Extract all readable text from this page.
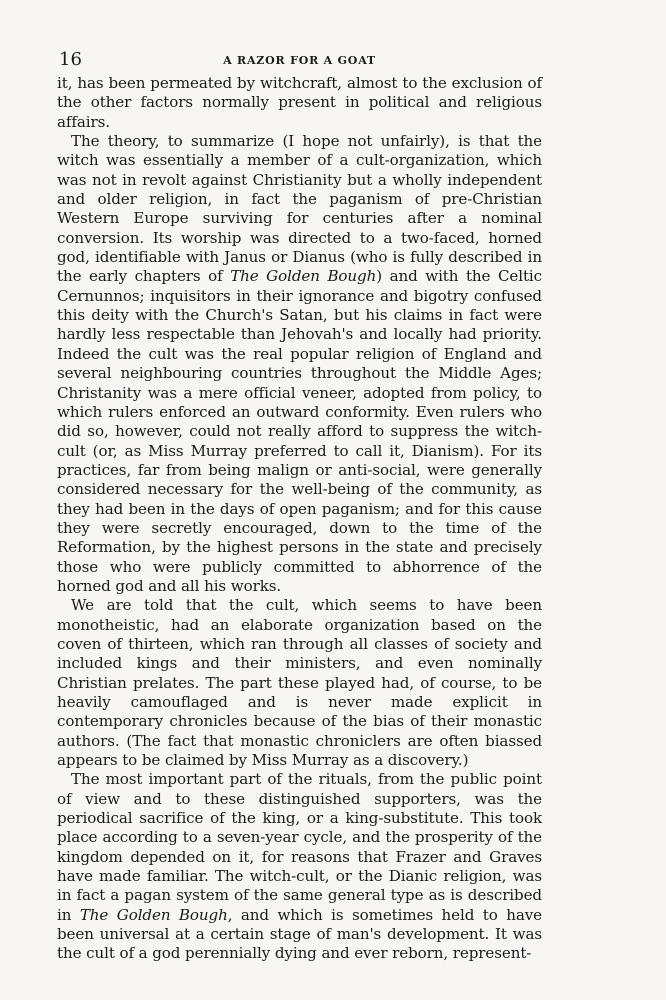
16	A RAZOR FOR A GOAT

it, has been permeated by witchcraft, almost to the exclusion of the other factors normally present in political and religious affairs.

The theory, to summarize (I hope not unfairly), is that the witch was essentially a member of a cult-organization, which was not in revolt against Christianity but a wholly independent and older religion, in fact the paganism of pre-Christian Western Europe surviving for centuries after a nominal conversion. Its worship was directed to a two-faced, horned god, identifiable with Janus or Dianus (who is fully described in the early chapters of The Golden Bough) and with the Celtic Cernunnos; inquisitors in their ignorance and bigotry confused this deity with the Church's Satan, but his claims in fact were hardly less respectable than Jehovah's and locally had priority. Indeed the cult was the real popular religion of England and several neighbouring countries throughout the Middle Ages; Christanity was a mere official veneer, adopted from policy, to which rulers enforced an outward conformity. Even rulers who did so, however, could not really afford to suppress the witch-cult (or, as Miss Murray preferred to call it, Dianism). For its practices, far from being malign or anti-social, were generally considered necessary for the well-being of the community, as they had been in the days of open paganism; and for this cause they were secretly encouraged, down to the time of the Reformation, by the highest persons in the state and precisely those who were publicly committed to abhorrence of the horned god and all his works.

We are told that the cult, which seems to have been monotheistic, had an elaborate organization based on the coven of thirteen, which ran through all classes of society and included kings and their ministers, and even nominally Christian prelates. The part these played had, of course, to be heavily camouflaged and is never made explicit in contemporary chronicles because of the bias of their monastic authors. (The fact that monastic chroniclers are often biassed appears to be claimed by Miss Murray as a discovery.)

The most important part of the rituals, from the public point of view and to these distinguished supporters, was the periodical sacrifice of the king, or a king-substitute. This took place according to a seven-year cycle, and the prosperity of the kingdom depended on it, for reasons that Frazer and Graves have made familiar. The witch-cult, or the Dianic religion, was in fact a pagan system of the same general type as is described in The Golden Bough, and which is sometimes held to have been universal at a certain stage of man's development. It was the cult of a god perennially dying and ever reborn, represent-
